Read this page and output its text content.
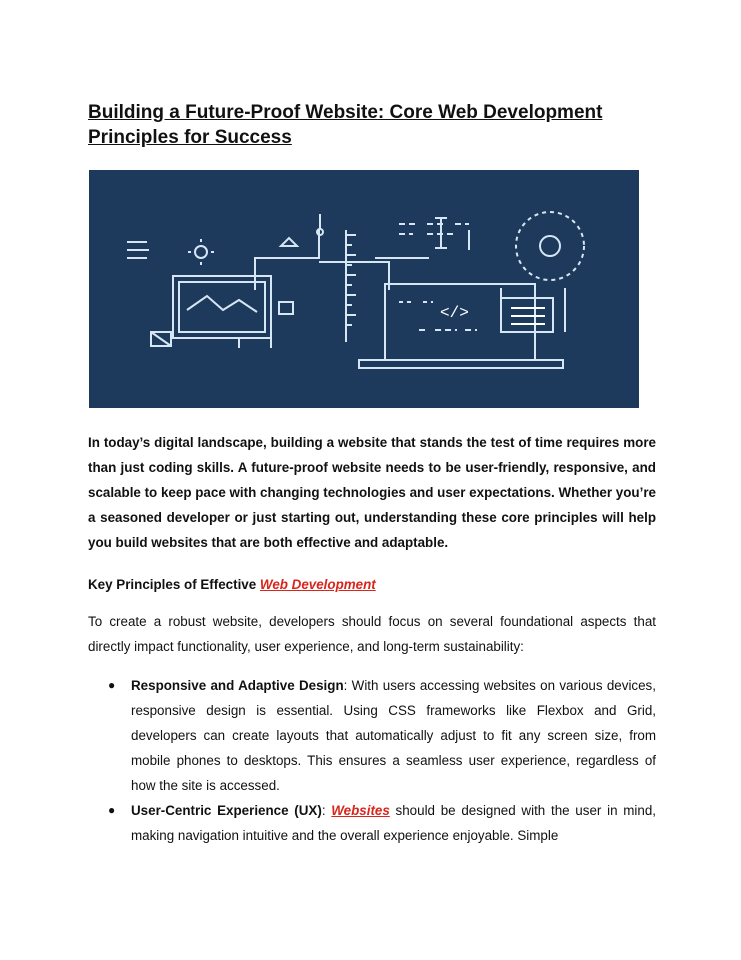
Building a Future-Proof Website: Core Web Development Principles for Success
</>

In today’s digital landscape, building a website that stands the test of time requires more than just coding skills. A future-proof website needs to be user-friendly, responsive, and scalable to keep pace with changing technologies and user expectations. Whether you’re a seasoned developer or just starting out, understanding these core principles will help you build websites that are both effective and adaptable.

Key Principles of Effective Web Development

To create a robust website, developers should focus on several foundational aspects that directly impact functionality, user experience, and long-term sustainability:

● Responsive and Adaptive Design: With users accessing websites on various devices, responsive design is essential. Using CSS frameworks like Flexbox and Grid, developers can create layouts that automatically adjust to fit any screen size, from mobile phones to desktops. This ensures a seamless user experience, regardless of how the site is accessed.
● User-Centric Experience (UX): Websites should be designed with the user in mind, making navigation intuitive and the overall experience enjoyable. Simple
